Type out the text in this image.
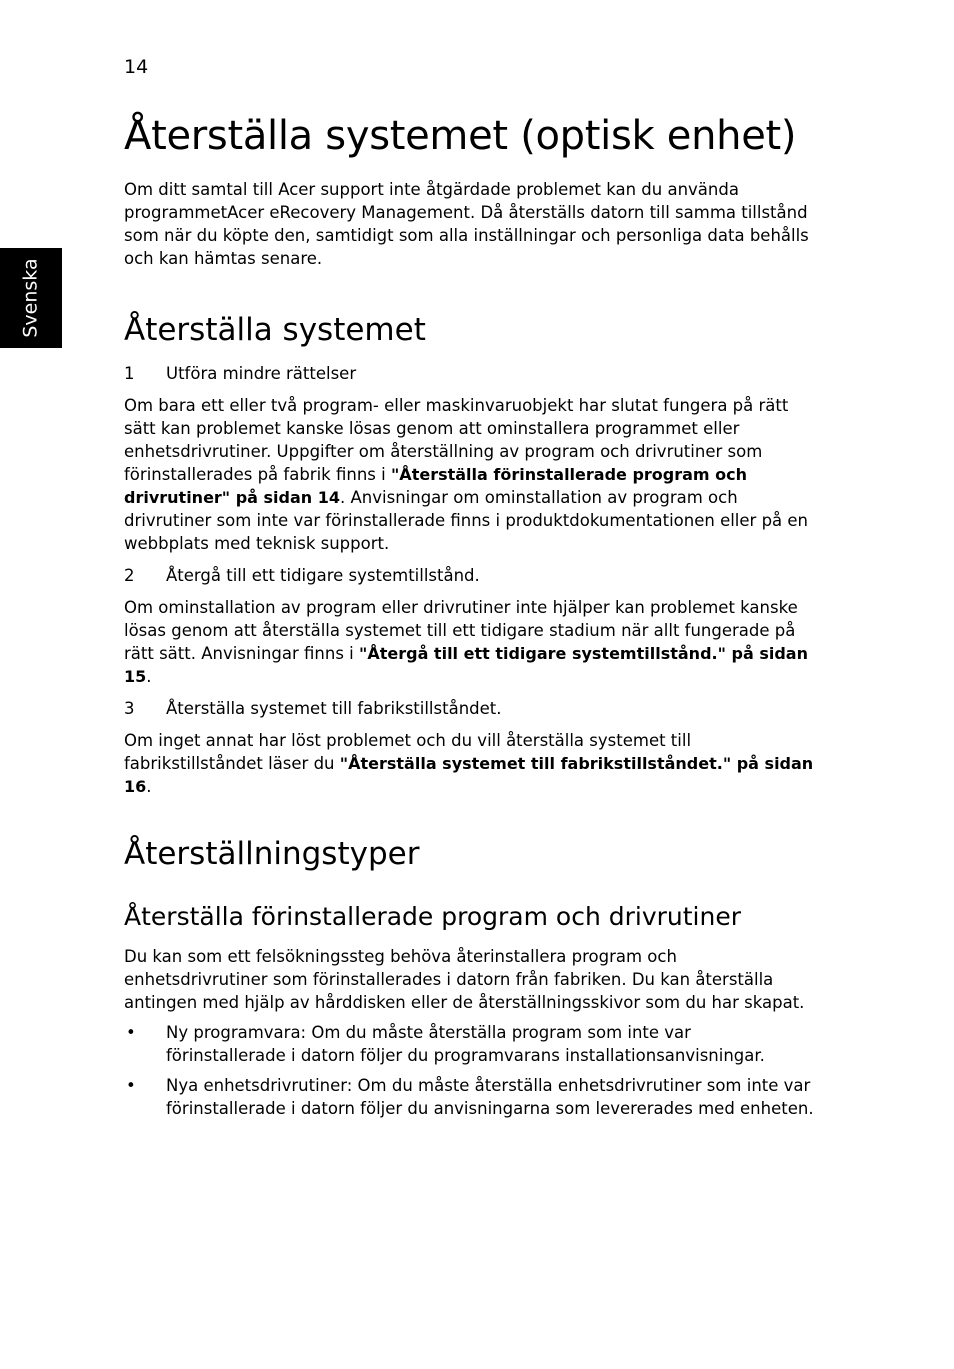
14
Svenska
Återställa systemet (optisk enhet)

Om ditt samtal till Acer support inte åtgärdade problemet kan du använda programmetAcer eRecovery Management. Då återställs datorn till samma tillstånd som när du köpte den, samtidigt som alla inställningar och personliga data behålls och kan hämtas senare.

Återställa systemet
1	Utföra mindre rättelser

Om bara ett eller två program- eller maskinvaruobjekt har slutat fungera på rätt sätt kan problemet kanske lösas genom att ominstallera programmet eller enhetsdrivrutiner. Uppgifter om återställning av program och drivrutiner som förinstallerades på fabrik finns i "Återställa förinstallerade program och drivrutiner" på sidan 14. Anvisningar om ominstallation av program och drivrutiner som inte var förinstallerade finns i produktdokumentationen eller på en webbplats med teknisk support.

2	Återgå till ett tidigare systemtillstånd.

Om ominstallation av program eller drivrutiner inte hjälper kan problemet kanske lösas genom att återställa systemet till ett tidigare stadium när allt fungerade på rätt sätt. Anvisningar finns i "Återgå till ett tidigare systemtillstånd." på sidan 15.

3	Återställa systemet till fabrikstillståndet.

Om inget annat har löst problemet och du vill återställa systemet till fabrikstillståndet läser du "Återställa systemet till fabrikstillståndet." på sidan 16.

Återställningstyper
Återställa förinstallerade program och drivrutiner

Du kan som ett felsökningssteg behöva återinstallera program och enhetsdrivrutiner som förinstallerades i datorn från fabriken. Du kan återställa antingen med hjälp av hårddisken eller de återställningsskivor som du har skapat.

•	Ny programvara: Om du måste återställa program som inte var förinstallerade i datorn följer du programvarans installationsanvisningar.
•	Nya enhetsdrivrutiner: Om du måste återställa enhetsdrivrutiner som inte var förinstallerade i datorn följer du anvisningarna som levererades med enheten.
